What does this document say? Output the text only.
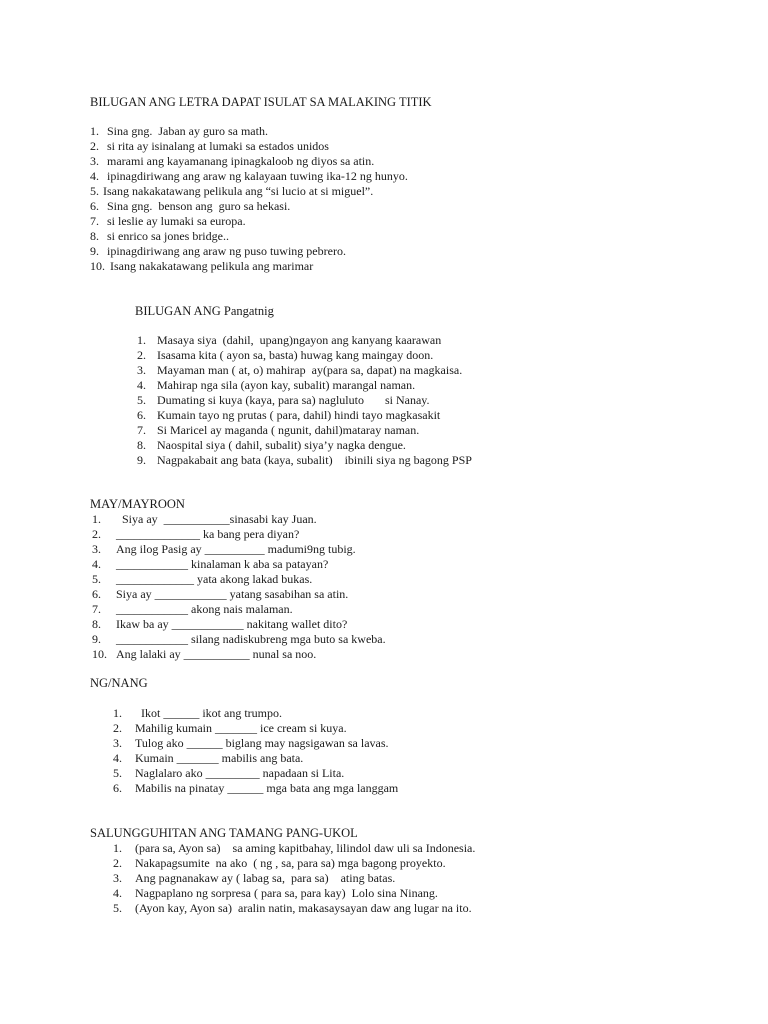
BILUGAN ANG LETRA DAPAT ISULAT SA MALAKING TITIK
1. Sina gng.  Jaban ay guro sa math.
2. si rita ay isinalang at lumaki sa estados unidos
3. marami ang kayamanang ipinagkaloob ng diyos sa atin.
4. ipinagdiriwang ang araw ng kalayaan tuwing ika-12 ng hunyo.
5. Isang nakakatawang pelikula ang “si lucio at si miguel”.
6. Sina gng.  benson ang  guro sa hekasi.
7. si leslie ay lumaki sa europa.
8. si enrico sa jones bridge..
9. ipinagdiriwang ang araw ng puso tuwing pebrero.
10. Isang nakakatawang pelikula ang marimar
BILUGAN ANG Pangatnig
1. Masaya siya  (dahil,  upang)ngayon ang kanyang kaarawan
2. Isasama kita ( ayon sa, basta) huwag kang maingay doon.
3. Mayaman man ( at, o) mahirap  ay(para sa, dapat) na magkaisa.
4. Mahirap nga sila (ayon kay, subalit) marangal naman.
5. Dumating si kuya (kaya, para sa) nagluluto       si Nanay.
6. Kumain tayo ng prutas ( para, dahil) hindi tayo magkasakit
7. Si Maricel ay maganda ( ngunit, dahil)mataray naman.
8. Naospital siya ( dahil, subalit) siya’y nagka dengue.
9. Nagpakabait ang bata (kaya, subalit)    ibinili siya ng bagong PSP
MAY/MAYROON
1.	Siya ay  ___________sinasabi kay Juan.
2.	______________ ka bang pera diyan?
3.	Ang ilog Pasig ay __________ madumi9ng tubig.
4.	____________ kinalaman k aba sa patayan?
5.	_____________ yata akong lakad bukas.
6.	Siya ay ____________ yatang sasabihan sa atin.
7.	____________ akong nais malaman.
8.	Ikaw ba ay ____________ nakitang wallet dito?
9.	____________ silang nadiskubreng mga buto sa kweba.
10. Ang lalaki ay ___________ nunal sa noo.
NG/NANG
1.	Ikot ______ ikot ang trumpo.
2.	Mahilig kumain _______ ice cream si kuya.
3.	Tulog ako ______ biglang may nagsigawan sa lavas.
4.	Kumain _______ mabilis ang bata.
5.	Naglalaro ako _________ napadaan si Lita.
6.	Mabilis na pinatay ______ mga bata ang mga langgam
SALUNGGUHITAN ANG TAMANG PANG-UKOL
1.	(para sa, Ayon sa)    sa aming kapitbahay, lilindol daw uli sa Indonesia.
2.	Nakapagsumite  na ako  ( ng , sa, para sa) mga bagong proyekto.
3.	Ang pagnanakaw ay ( labag sa,  para sa)    ating batas.
4.	Nagpaplano ng sorpresa ( para sa, para kay)  Lolo sina Ninang.
5.	(Ayon kay, Ayon sa)  aralin natin, makasaysayan daw ang lugar na ito.
